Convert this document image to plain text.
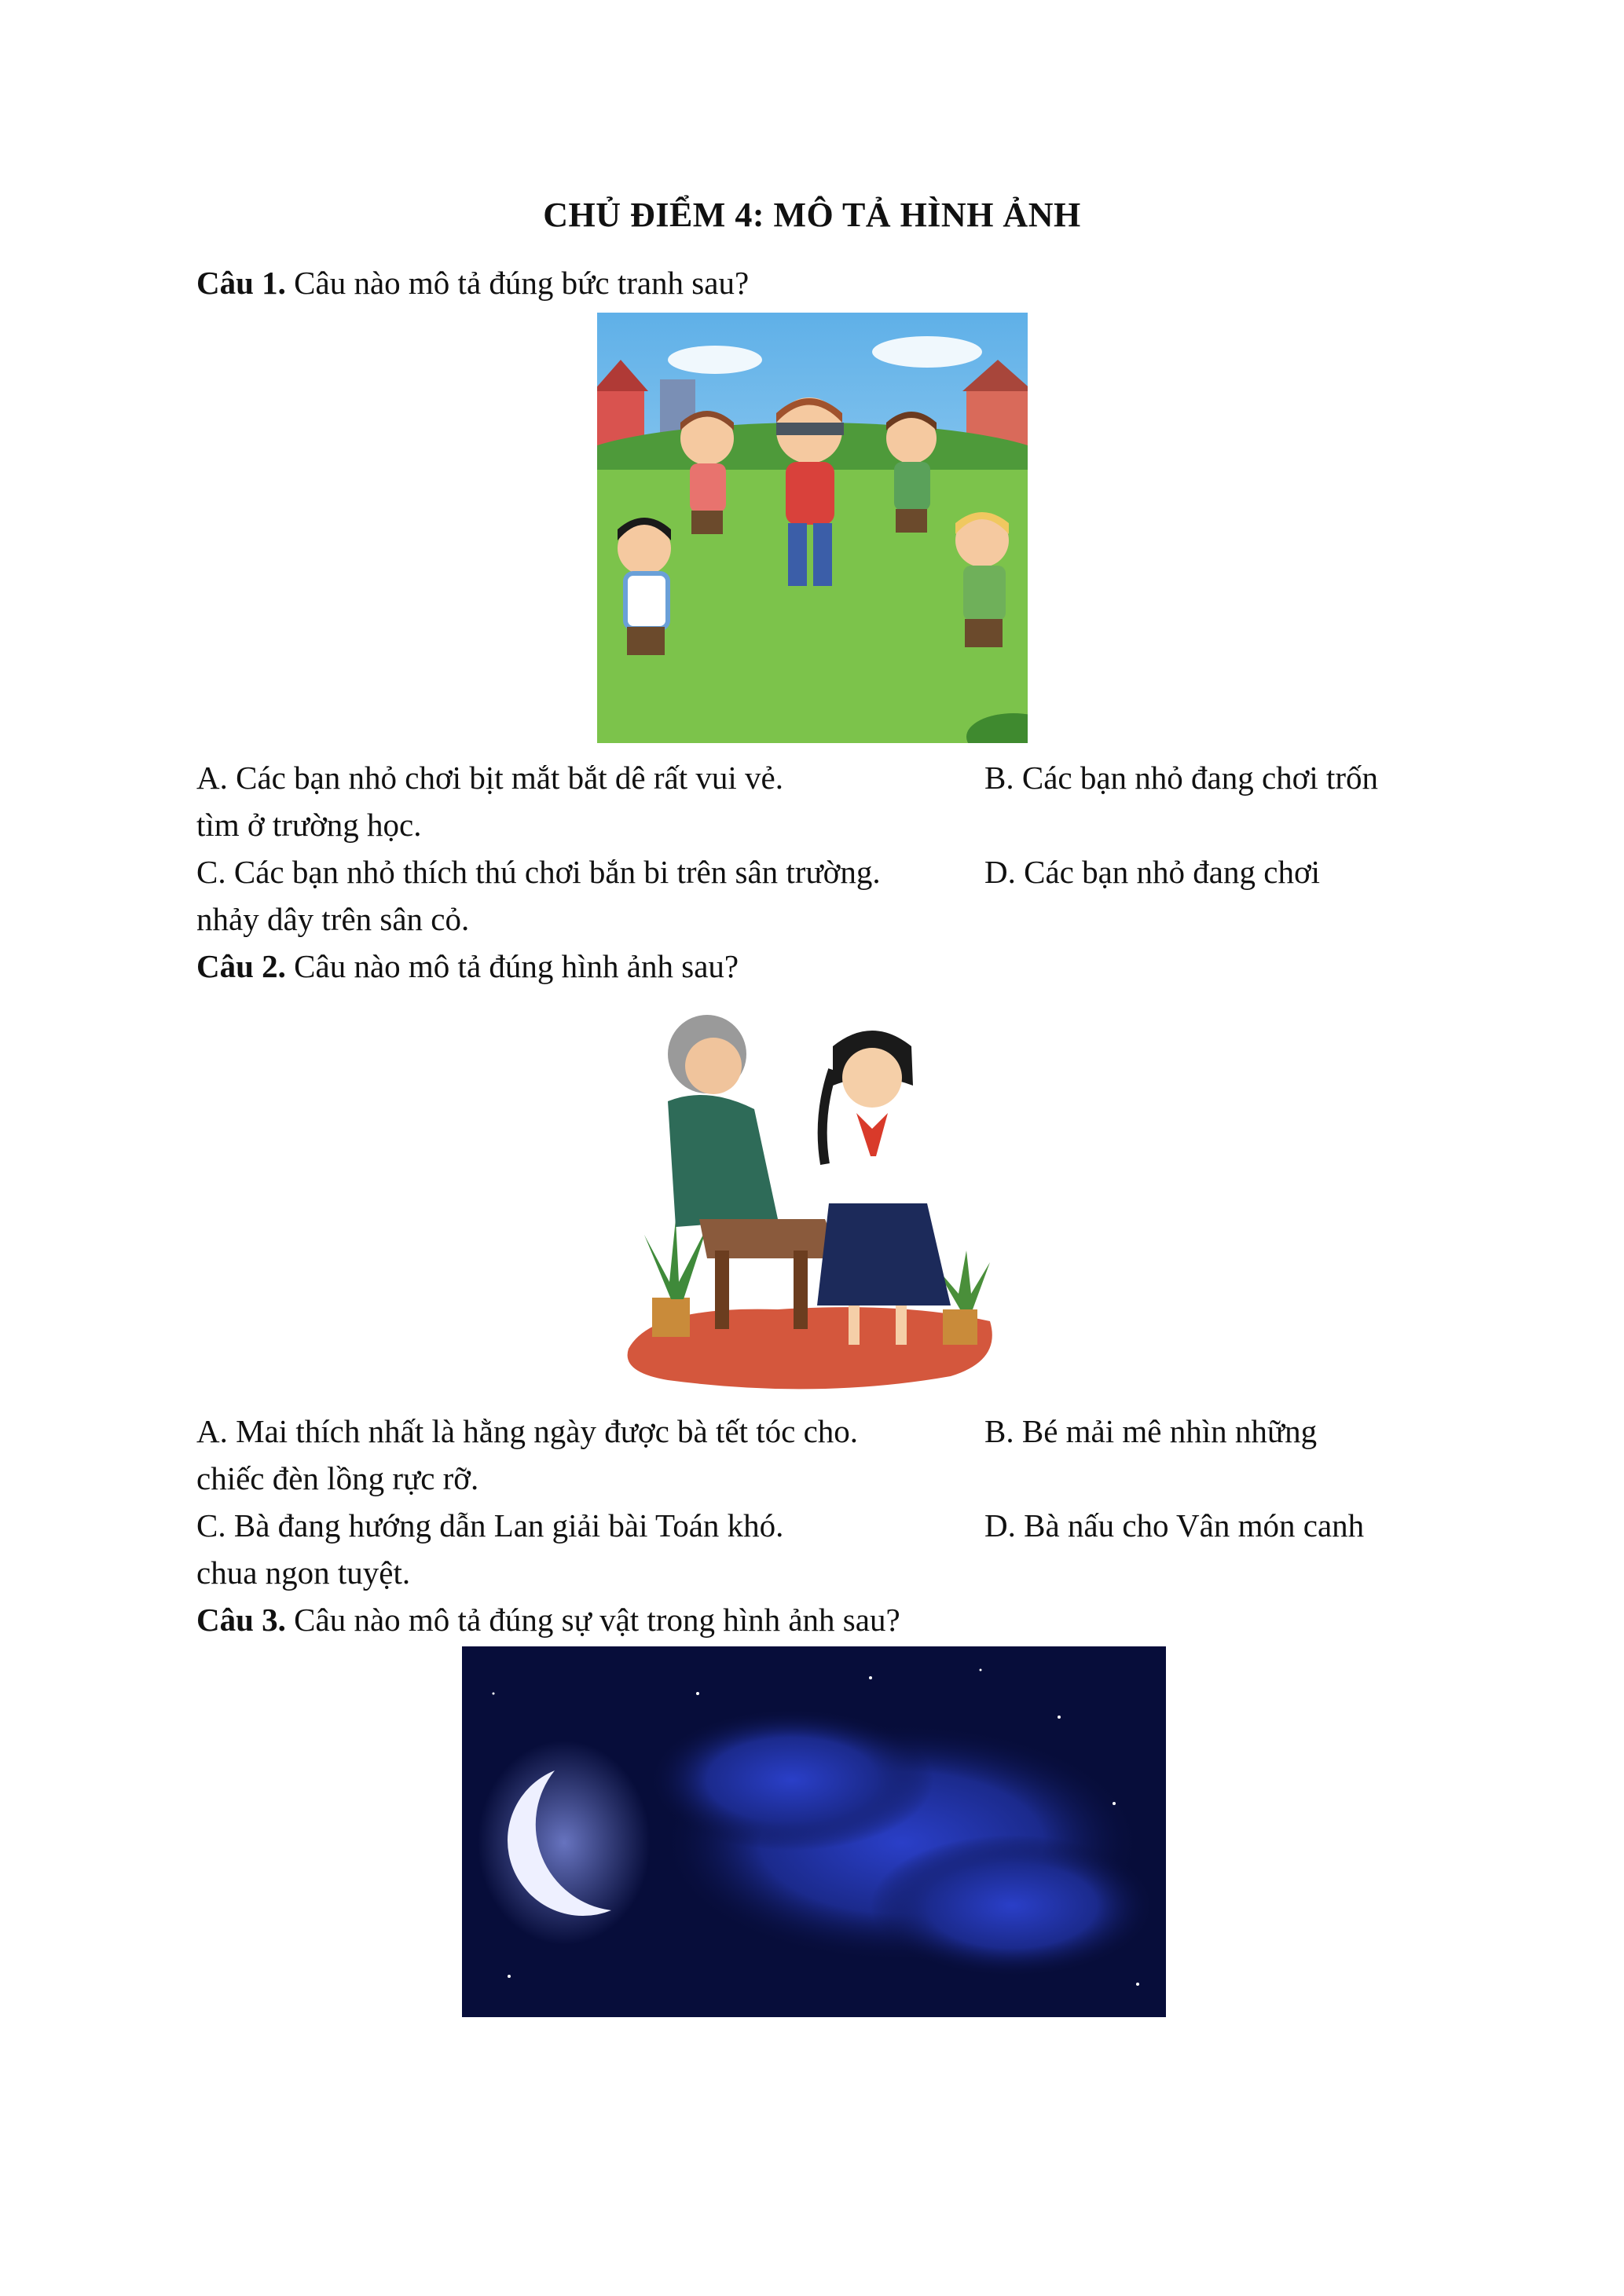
CHỦ ĐIỂM 4: MÔ TẢ HÌNH ẢNH
Câu 1. Câu nào mô tả đúng bức tranh sau?
A. Các bạn nhỏ chơi bịt mắt bắt dê rất vui vẻ.	B. Các bạn nhỏ đang chơi trốn
tìm ở trường học.
C. Các bạn nhỏ thích thú chơi bắn bi trên sân trường.	D. Các bạn nhỏ đang chơi
nhảy dây trên sân cỏ.
Câu 2. Câu nào mô tả đúng hình ảnh sau?
A. Mai thích nhất là hằng ngày được bà tết tóc cho.	B. Bé mải mê nhìn những
chiếc đèn lồng rực rỡ.
C. Bà đang hướng dẫn Lan giải bài Toán khó.	D. Bà nấu cho Vân món canh
chua ngon tuyệt.
Câu 3. Câu nào mô tả đúng sự vật trong hình ảnh sau?
